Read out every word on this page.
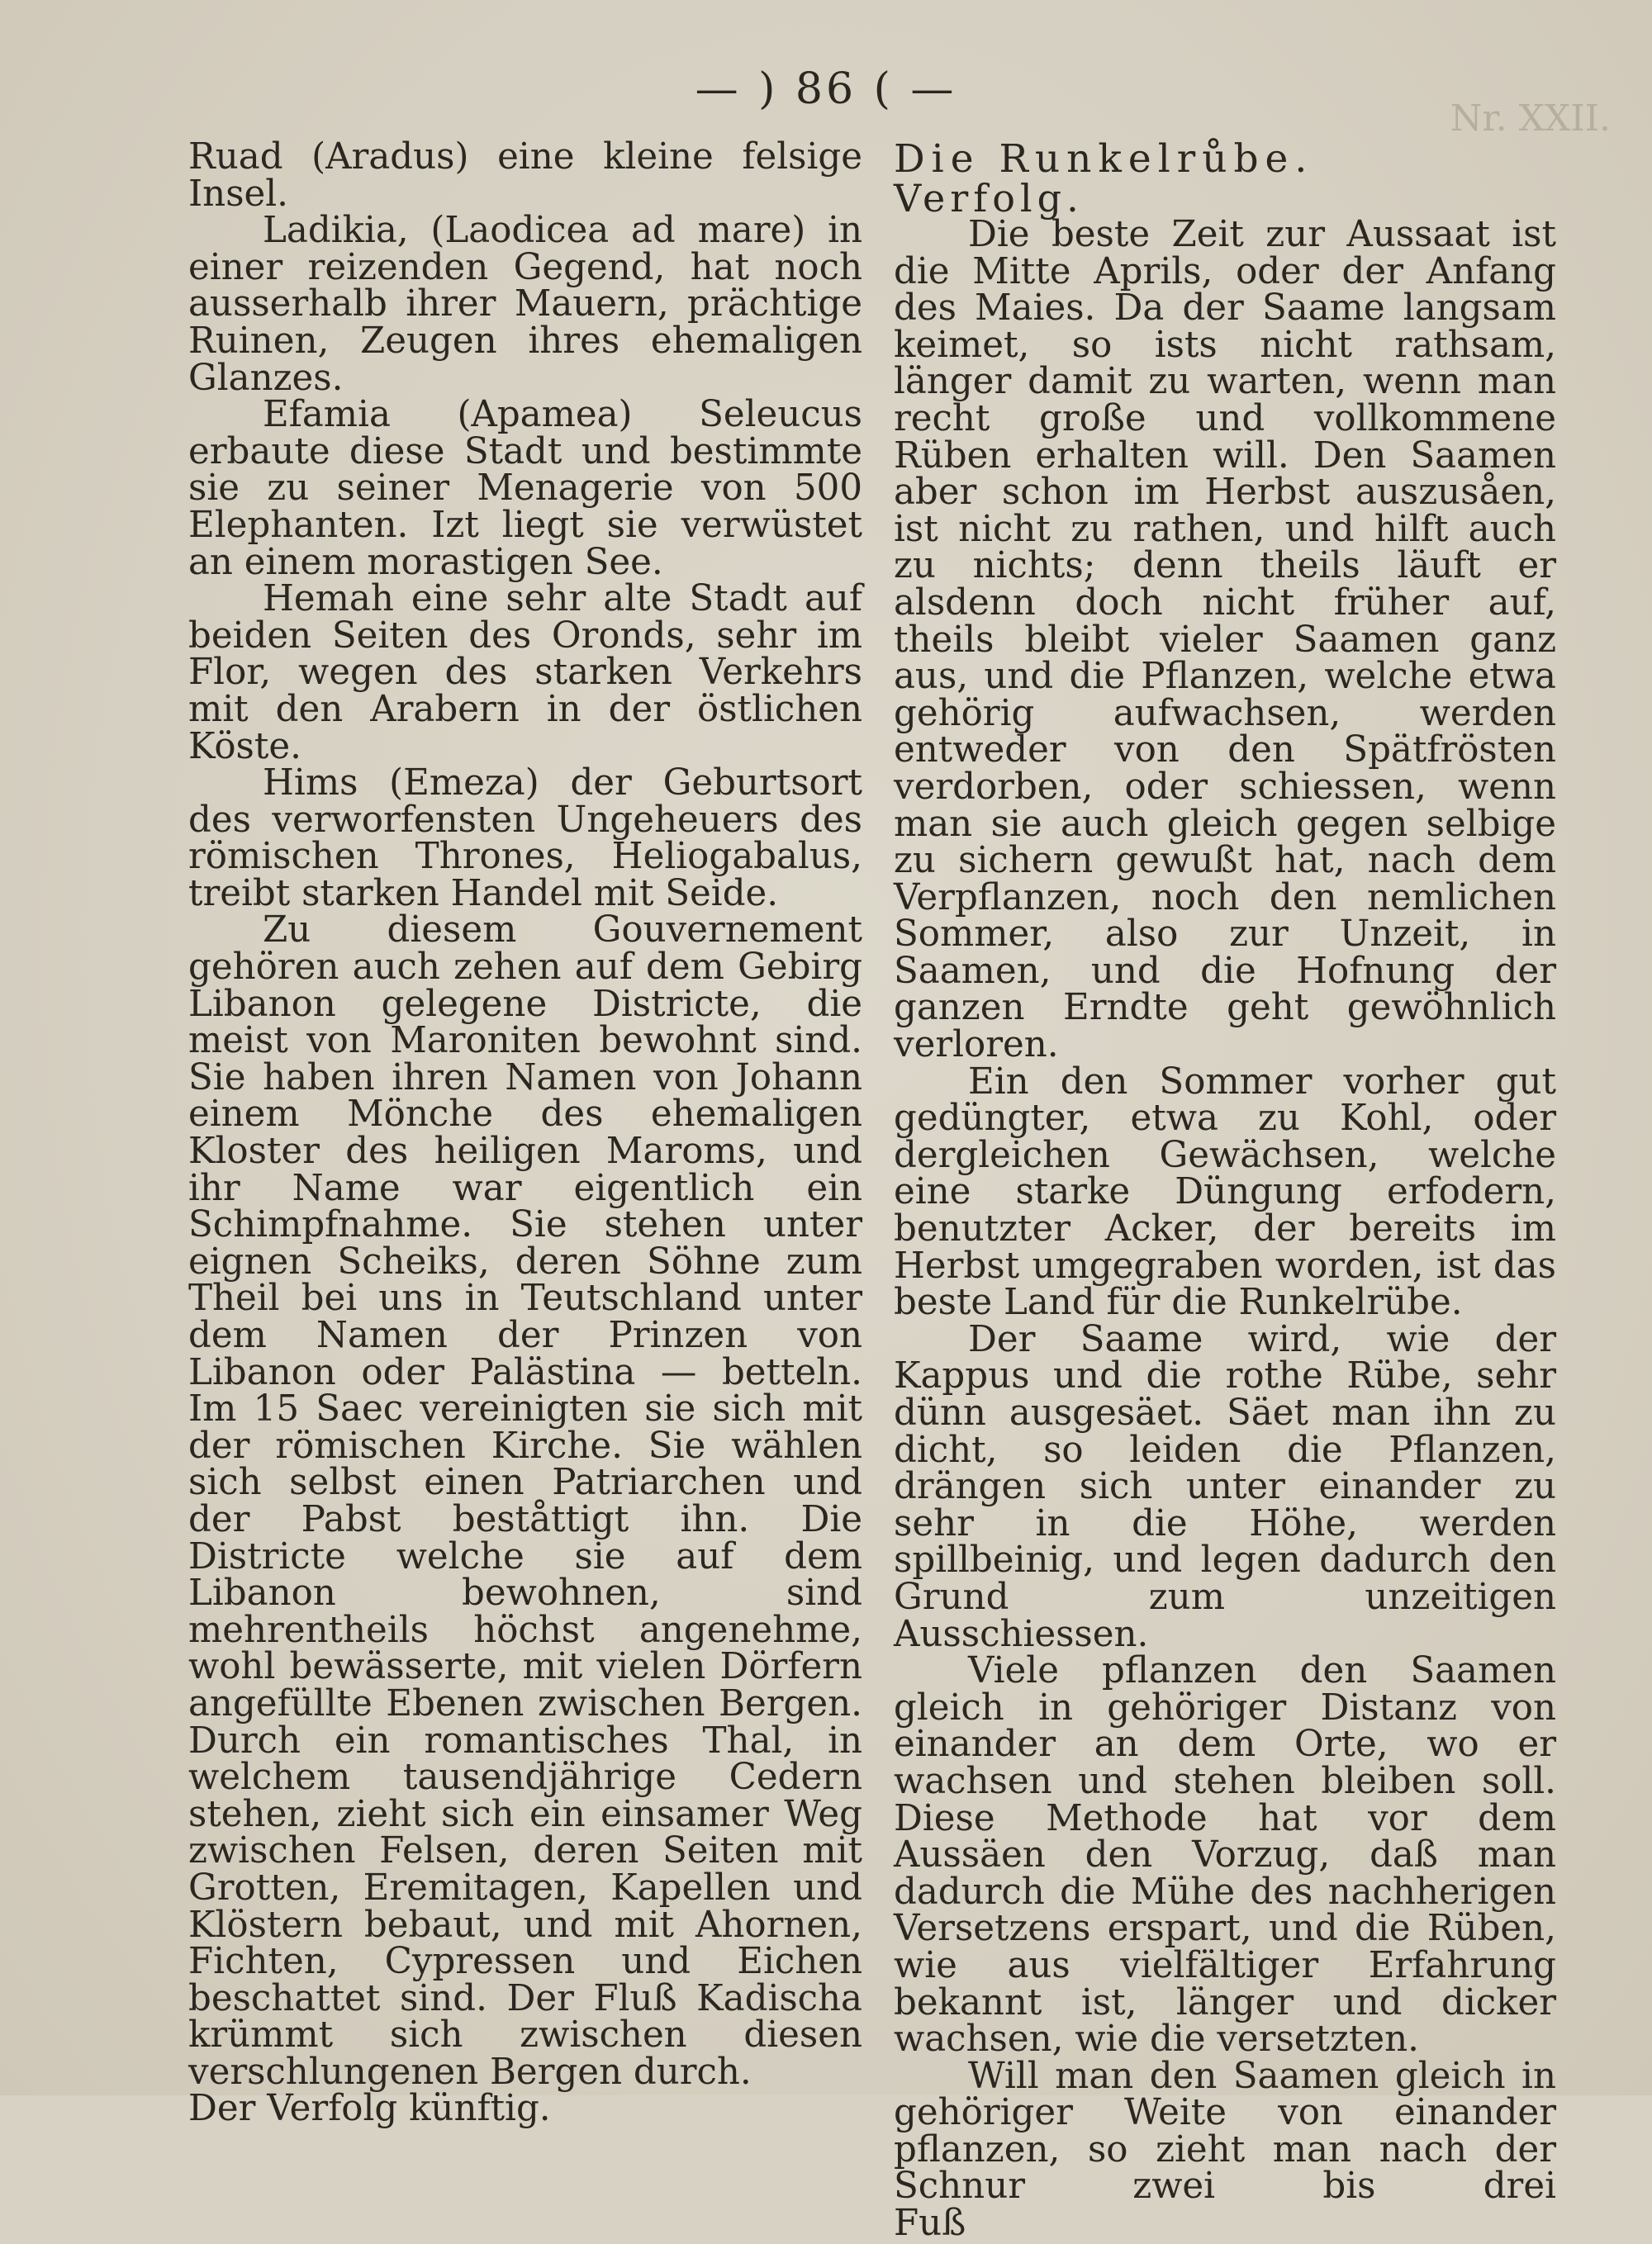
— ) 86 ( —
Nr. XXII.

Ruad (Aradus) eine kleine felsige Insel.

Ladikia, (Laodicea ad mare) in einer reizenden Gegend, hat noch ausserhalb ihrer Mauern, prächtige Ruinen, Zeugen ihres ehemaligen Glanzes.

Efamia (Apamea) Seleucus erbaute diese Stadt und bestimmte sie zu seiner Menagerie von 500 Elephanten. Izt liegt sie verwüstet an einem morastigen See.

Hemah eine sehr alte Stadt auf beiden Seiten des Oronds, sehr im Flor, wegen des starken Verkehrs mit den Arabern in der östlichen Köste.

Hims (Emeza) der Geburtsort des verworfensten Ungeheuers des römischen Thrones, Heliogabalus, treibt starken Handel mit Seide.

Zu diesem Gouvernement gehören auch zehen auf dem Gebirg Libanon gelegene Districte, die meist von Maroniten bewohnt sind. Sie haben ihren Namen von Johann einem Mönche des ehemaligen Kloster des heiligen Maroms, und ihr Name war eigentlich ein Schimpfnahme. Sie stehen unter eignen Scheiks, deren Söhne zum Theil bei uns in Teutschland unter dem Namen der Prinzen von Libanon oder Palästina — betteln. Im 15 Saec vereinigten sie sich mit der römischen Kirche. Sie wählen sich selbst einen Patriarchen und der Pabst beståttigt ihn. Die Districte welche sie auf dem Libanon bewohnen, sind mehrentheils höchst angenehme, wohl bewässerte, mit vielen Dörfern angefüllte Ebenen zwischen Bergen. Durch ein romantisches Thal, in welchem tausendjährige Cedern stehen, zieht sich ein einsamer Weg zwischen Felsen, deren Seiten mit Grotten, Eremitagen, Kapellen und Klöstern bebaut, und mit Ahornen, Fichten, Cypressen und Eichen beschattet sind. Der Fluß Kadischa krümmt sich zwischen diesen verschlungenen Bergen durch.

Der Verfolg künftig.

Die Runkelrůbe.

Verfolg.

Die beste Zeit zur Aussaat ist die Mitte Aprils, oder der Anfang des Maies. Da der Saame langsam keimet, so ists nicht rathsam, länger damit zu warten, wenn man recht große und vollkommene Rüben erhalten will. Den Saamen aber schon im Herbst auszusåen, ist nicht zu rathen, und hilft auch zu nichts; denn theils läuft er alsdenn doch nicht früher auf, theils bleibt vieler Saamen ganz aus, und die Pflanzen, welche etwa gehörig aufwachsen, werden entweder von den Spätfrösten verdorben, oder schiessen, wenn man sie auch gleich gegen selbige zu sichern gewußt hat, nach dem Verpflanzen, noch den nemlichen Sommer, also zur Unzeit, in Saamen, und die Hofnung der ganzen Erndte geht gewöhnlich verloren.

Ein den Sommer vorher gut gedüngter, etwa zu Kohl, oder dergleichen Gewächsen, welche eine starke Düngung erfodern, benutzter Acker, der bereits im Herbst umgegraben worden, ist das beste Land für die Runkelrübe.

Der Saame wird, wie der Kappus und die rothe Rübe, sehr dünn ausgesäet. Säet man ihn zu dicht, so leiden die Pflanzen, drängen sich unter einander zu sehr in die Höhe, werden spillbeinig, und legen dadurch den Grund zum unzeitigen Ausschiessen.

Viele pflanzen den Saamen gleich in gehöriger Distanz von einander an dem Orte, wo er wachsen und stehen bleiben soll. Diese Methode hat vor dem Aussäen den Vorzug, daß man dadurch die Mühe des nachherigen Versetzens erspart, und die Rüben, wie aus vielfältiger Erfahrung bekannt ist, länger und dicker wachsen, wie die versetzten.

Will man den Saamen gleich in gehöriger Weite von einander pflanzen, so zieht man nach der Schnur zwei bis drei

Fuß
